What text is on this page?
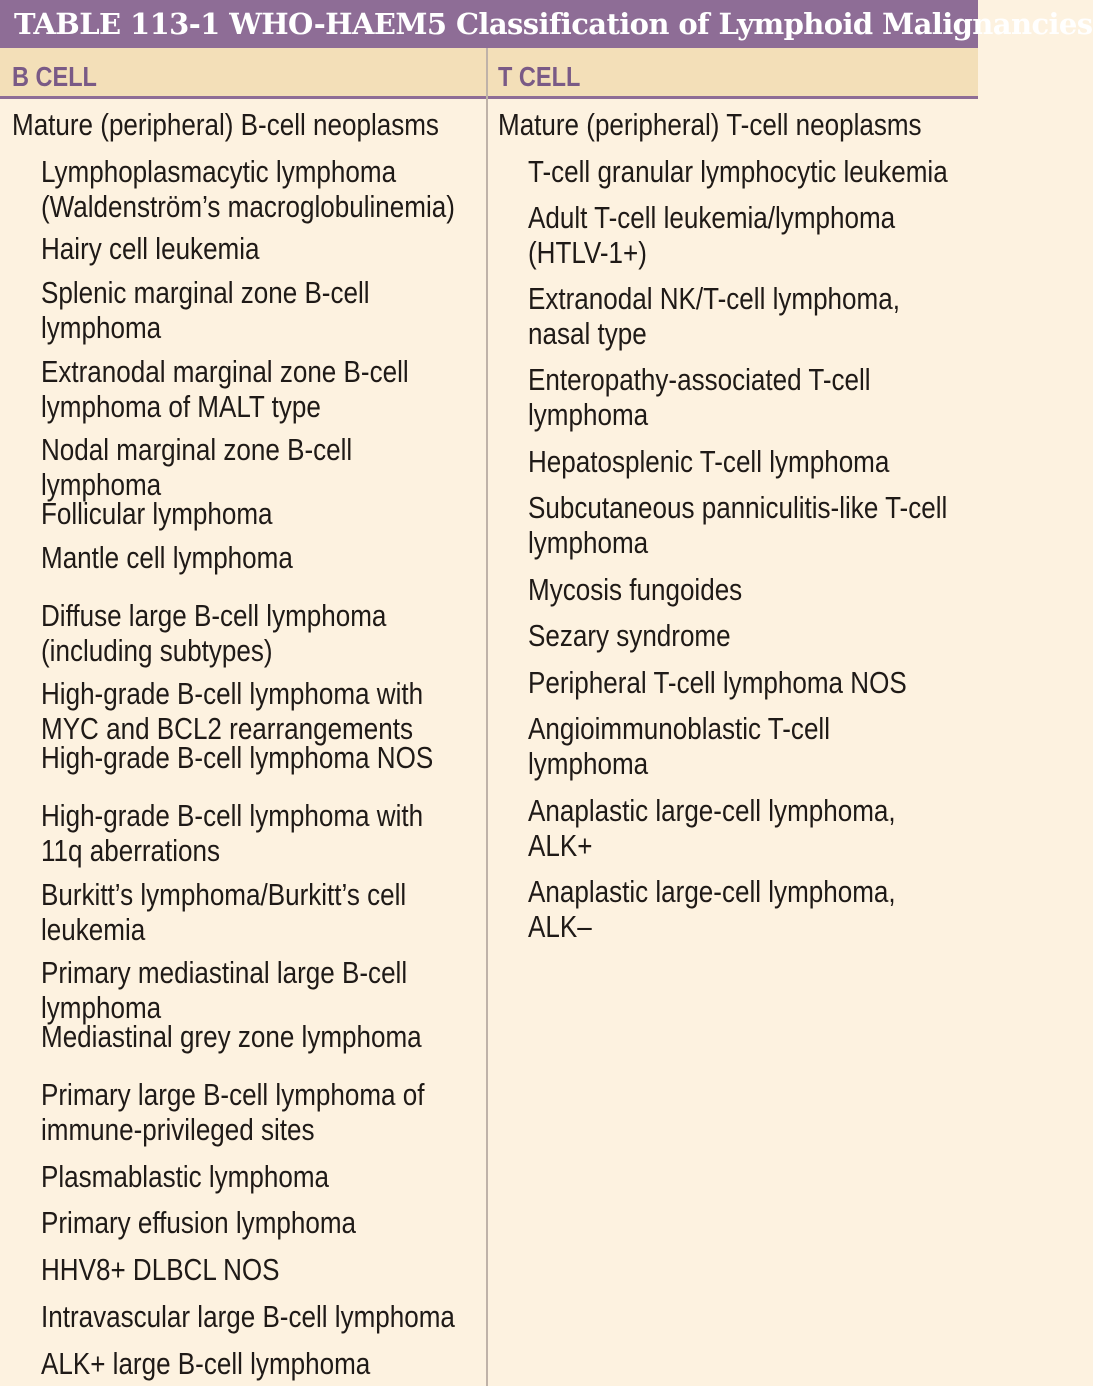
TABLE 113-1 WHO-HAEM5 Classification of Lymphoid Malignancies
B CELL	T CELL
Mature (peripheral) B-cell neoplasms
Lymphoplasmacytic lymphoma
(Waldenström’s macroglobulinemia)
Hairy cell leukemia
Splenic marginal zone B-cell
lymphoma
Extranodal marginal zone B-cell
lymphoma of MALT type
Nodal marginal zone B-cell
lymphoma
Follicular lymphoma
Mantle cell lymphoma
Diffuse large B-cell lymphoma
(including subtypes)
High-grade B-cell lymphoma with
MYC and BCL2 rearrangements
High-grade B-cell lymphoma NOS
High-grade B-cell lymphoma with
11q aberrations
Burkitt’s lymphoma/Burkitt’s cell
leukemia
Primary mediastinal large B-cell
lymphoma
Mediastinal grey zone lymphoma
Primary large B-cell lymphoma of
immune-privileged sites
Plasmablastic lymphoma
Primary effusion lymphoma
HHV8+ DLBCL NOS
Intravascular large B-cell lymphoma
ALK+ large B-cell lymphoma
Mature (peripheral) T-cell neoplasms
T-cell granular lymphocytic leukemia
Adult T-cell leukemia/lymphoma
(HTLV-1+)
Extranodal NK/T-cell lymphoma,
nasal type
Enteropathy-associated T-cell
lymphoma
Hepatosplenic T-cell lymphoma
Subcutaneous panniculitis-like T-cell
lymphoma
Mycosis fungoides
Sezary syndrome
Peripheral T-cell lymphoma NOS
Angioimmunoblastic T-cell
lymphoma
Anaplastic large-cell lymphoma,
ALK+
Anaplastic large-cell lymphoma,
ALK–
